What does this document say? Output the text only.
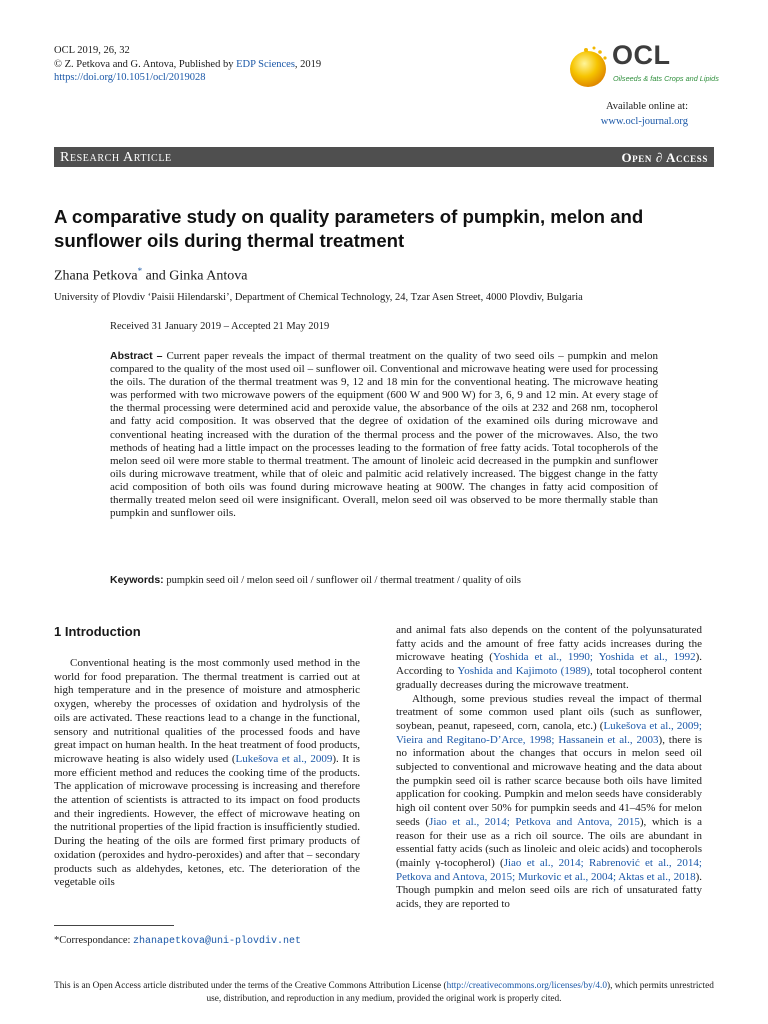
OCL 2019, 26, 32
© Z. Petkova and G. Antova, Published by EDP Sciences, 2019
https://doi.org/10.1051/ocl/2019028
OCL
Oilseeds & fats Crops and Lipids
Available online at:
www.ocl-journal.org
Research Article	Open ∂ Access
A comparative study on quality parameters of pumpkin, melon and sunflower oils during thermal treatment
Zhana Petkova* and Ginka Antova
University of Plovdiv ‘Paisii Hilendarski’, Department of Chemical Technology, 24, Tzar Asen Street, 4000 Plovdiv, Bulgaria
Received 31 January 2019 – Accepted 21 May 2019
Abstract – Current paper reveals the impact of thermal treatment on the quality of two seed oils – pumpkin and melon compared to the quality of the most used oil – sunflower oil. Conventional and microwave heating were used for processing the oils. The duration of the thermal treatment was 9, 12 and 18 min for the conventional heating. The microwave heating was performed with two microwave powers of the equipment (600 W and 900 W) for 3, 6, 9 and 12 min. At every stage of the thermal processing were determined acid and peroxide value, the absorbance of the oils at 232 and 268 nm, tocopherol and fatty acid composition. It was observed that the degree of oxidation of the examined oils during microwave and conventional heating increased with the duration of the thermal process and the power of the microwaves. Also, the two methods of heating had a little impact on the processes leading to the formation of free fatty acids. Total tocopherols of the melon seed oil were more stable to thermal treatment. The amount of linoleic acid decreased in the pumpkin and sunflower oils during microwave treatment, while that of oleic and palmitic acid relatively increased. The biggest change in the fatty acid composition of both oils was found during microwave heating at 900W. The changes in fatty acid composition of thermally treated melon seed oil were insignificant. Overall, melon seed oil was observed to be more thermally stable than pumpkin and sunflower oils.
Keywords: pumpkin seed oil / melon seed oil / sunflower oil / thermal treatment / quality of oils
1 Introduction

Conventional heating is the most commonly used method in the world for food preparation. The thermal treatment is carried out at high temperature and in the presence of moisture and atmospheric oxygen, whereby the processes of oxidation and hydrolysis of the oils are activated. These reactions lead to a change in the functional, sensory and nutritional qualities of the processed foods and have great impact on human health. In the heat treatment of food products, microwave heating is also widely used (Lukešova et al., 2009). It is more efficient method and reduces the cooking time of the products. The application of microwave processing is increasing and therefore the attention of scientists is attracted to its impact on food products and their ingredients. However, the effect of microwave heating on the nutritional properties of the lipid fraction is insufficiently studied. During the heating of the oils are formed first primary products of oxidation (peroxides and hydro-peroxides) and after that – secondary products such as aldehydes, ketones, etc. The deterioration of the vegetable oils

and animal fats also depends on the content of the polyunsaturated fatty acids and the amount of free fatty acids increases during the microwave heating (Yoshida et al., 1990; Yoshida et al., 1992). According to Yoshida and Kajimoto (1989), total tocopherol content gradually decreases during the microwave treatment.

Although, some previous studies reveal the impact of thermal treatment of some common used plant oils (such as sunflower, soybean, peanut, rapeseed, corn, canola, etc.) (Lukešova et al., 2009; Vieira and Regitano-D’Arce, 1998; Hassanein et al., 2003), there is no information about the changes that occurs in melon seed oil subjected to conventional and microwave heating and the data about the pumpkin seed oil is rather scarce because both oils have limited application for cooking. Pumpkin and melon seeds have considerably high oil content over 50% for pumpkin seeds and 41–45% for melon seeds (Jiao et al., 2014; Petkova and Antova, 2015), which is a reason for their use as a rich oil source. The oils are abundant in essential fatty acids (such as linoleic and oleic acids) and tocopherols (mainly γ-tocopherol) (Jiao et al., 2014; Rabrenović et al., 2014; Petkova and Antova, 2015; Murkovic et al., 2004; Aktas et al., 2018). Though pumpkin and melon seed oils are rich of unsaturated fatty acids, they are reported to

*Correspondance: zhanapetkova@uni-plovdiv.net
This is an Open Access article distributed under the terms of the Creative Commons Attribution License (http://creativecommons.org/licenses/by/4.0), which permits unrestricted use, distribution, and reproduction in any medium, provided the original work is properly cited.
